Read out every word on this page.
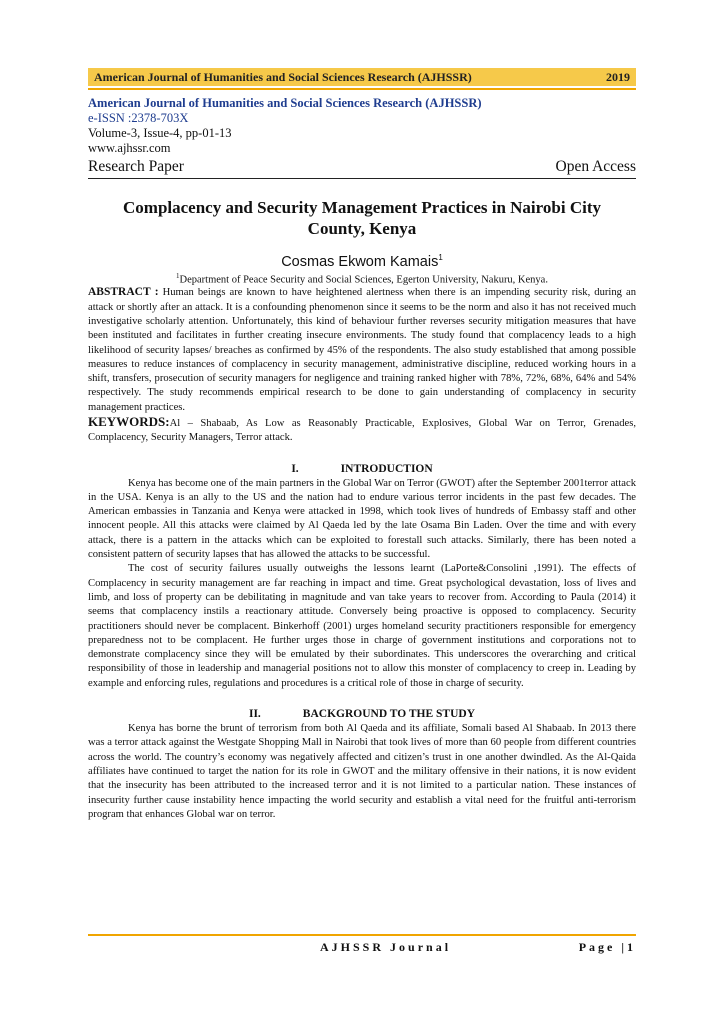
American Journal of Humanities and Social Sciences Research (AJHSSR)	2019
American Journal of Humanities and Social Sciences Research (AJHSSR)
e-ISSN :2378-703X
Volume-3, Issue-4, pp-01-13
www.ajhssr.com
Research Paper	Open Access
Complacency and Security Management Practices in Nairobi City County, Kenya
Cosmas Ekwom Kamais$^1$
$^1$Department of Peace Security and Social Sciences, Egerton University, Nakuru, Kenya.

ABSTRACT : Human beings are known to have heightened alertness when there is an impending security risk, during an attack or shortly after an attack. It is a confounding phenomenon since it seems to be the norm and also it has not received much investigative scholarly attention. Unfortunately, this kind of behaviour further reverses security mitigation measures that have been instituted and facilitates in further creating insecure environments. The study found that complacency leads to a high likelihood of security lapses/ breaches as confirmed by 45% of the respondents. The also study established that among possible measures to reduce instances of complacency in security management, administrative discipline, reduced working hours in a shift, transfers, prosecution of security managers for negligence and training ranked higher with 78%, 72%, 68%, 64% and 54% respectively. The study recommends empirical research to be done to gain understanding of complacency in security management practices.

KEYWORDS:Al – Shabaab, As Low as Reasonably Practicable, Explosives, Global War on Terror, Grenades, Complacency, Security Managers, Terror attack.

I.	INTRODUCTION

Kenya has become one of the main partners in the Global War on Terror (GWOT) after the September 2001terror attack in the USA. Kenya is an ally to the US and the nation had to endure various terror incidents in the past few decades. The American embassies in Tanzania and Kenya were attacked in 1998, which took lives of hundreds of Embassy staff and other innocent people. All this attacks were claimed by Al Qaeda led by the late Osama Bin Laden. Over the time and with every attack, there is a pattern in the attacks which can be exploited to forestall such attacks. Similarly, there has been noted a consistent pattern of security lapses that has allowed the attacks to be successful.

The cost of security failures usually outweighs the lessons learnt (LaPorte&Consolini ,1991). The effects of Complacency in security management are far reaching in impact and time. Great psychological devastation, loss of lives and limb, and loss of property can be debilitating in magnitude and van take years to recover from. According to Paula (2014) it seems that complacency instils a reactionary attitude. Conversely being proactive is opposed to complacency. Security practitioners should never be complacent. Binkerhoff (2001) urges homeland security practitioners responsible for emergency preparedness not to be complacent. He further urges those in charge of government institutions and corporations not to demonstrate complacency since they will be emulated by their subordinates. This underscores the overarching and critical responsibility of those in leadership and managerial positions not to allow this monster of complacency to creep in. Leading by example and enforcing rules, regulations and procedures is a critical role of those in charge of security.

II.	BACKGROUND TO THE STUDY

Kenya has borne the brunt of terrorism from both Al Qaeda and its affiliate, Somali based Al Shabaab. In 2013 there was a terror attack against the Westgate Shopping Mall in Nairobi that took lives of more than 60 people from different countries across the world. The country’s economy was negatively affected and citizen’s trust in one another dwindled. As the Al-Qaida affiliates have continued to target the nation for its role in GWOT and the military offensive in their nations, it is now evident that the insecurity has been attributed to the increased terror and it is not limited to a particular nation. These instances of insecurity further cause instability hence impacting the world security and establish a vital need for the fruitful anti-terrorism program that enhances Global war on terror.

AJHSSR Journal	Page |1
